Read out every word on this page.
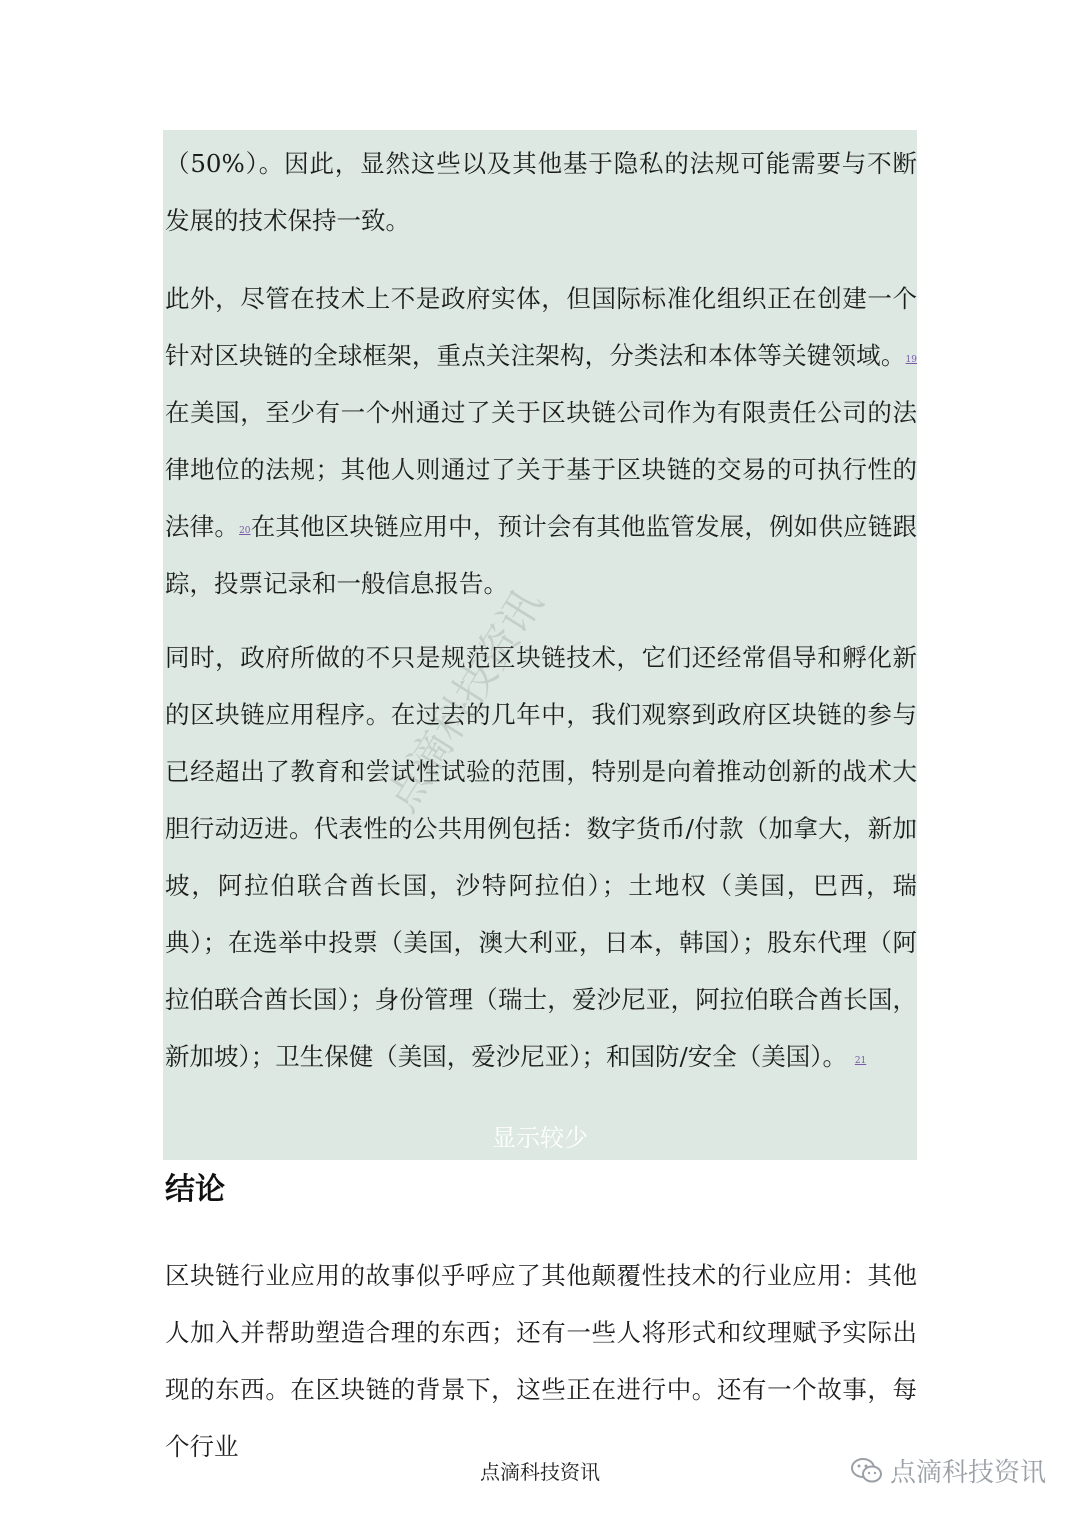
（50%）。因此，显然这些以及其他基于隐私的法规可能需要与不断发展的技术保持一致。

此外，尽管在技术上不是政府实体，但国际标准化组织正在创建一个针对区块链的全球框架，重点关注架构，分类法和本体等关键领域。19在美国，至少有一个州通过了关于区块链公司作为有限责任公司的法律地位的法规；其他人则通过了关于基于区块链的交易的可执行性的法律。20在其他区块链应用中，预计会有其他监管发展，例如供应链跟踪，投票记录和一般信息报告。

同时，政府所做的不只是规范区块链技术，它们还经常倡导和孵化新的区块链应用程序。在过去的几年中，我们观察到政府区块链的参与已经超出了教育和尝试性试验的范围，特别是向着推动创新的战术大胆行动迈进。代表性的公共用例包括：数字货币/付款（加拿大，新加坡，阿拉伯联合酋长国，沙特阿拉伯）；土地权（美国，巴西，瑞典）；在选举中投票（美国，澳大利亚，日本，韩国）；股东代理（阿拉伯联合酋长国）；身份管理（瑞士，爱沙尼亚，阿拉伯联合酋长国，新加坡）；卫生保健（美国，爱沙尼亚）；和国防/安全（美国）。 21

点滴科技资讯
显示较少
结论

区块链行业应用的故事似乎呼应了其他颠覆性技术的行业应用：其他人加入并帮助塑造合理的东西；还有一些人将形式和纹理赋予实际出现的东西。在区块链的背景下，这些正在进行中。还有一个故事，每个行业

点滴科技资讯	点滴科技资讯
